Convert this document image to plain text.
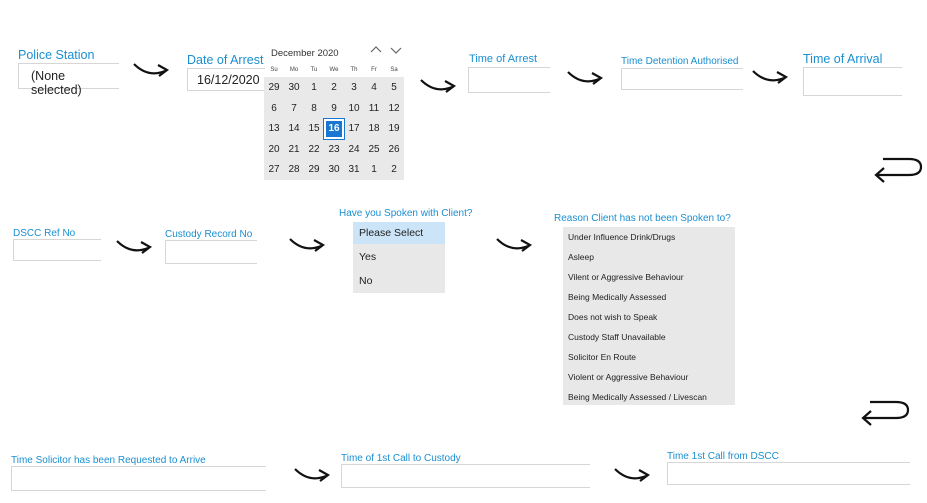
Police Station
(None selected)
Date of Arrest
16/12/2020
December 2020
Su	Mo	Tu	We	Th	Fr	Sa
29 30	1	2	3	4	5
6	7	8	9	10 11 12
13 14 15 16 17 18 19
20 21 22 23 24 25 26
27 28 29 30 31	1	2
Time of Arrest	Time Detention Authorised	Time of Arrival
DSCC Ref No	Custody Record No
Have you Spoken with Client?
Please Select
Yes
No
Reason Client has not been Spoken to?
Under Influence Drink/Drugs
Asleep
Vilent or Aggressive Behaviour
Being Medically Assessed
Does not wish to Speak
Custody Staff Unavailable
Solicitor En Route
Violent or Aggressive Behaviour
Being Medically Assessed / Livescan
Time Solicitor has been Requested to Arrive	Time of 1st Call to Custody	Time 1st Call from DSCC
